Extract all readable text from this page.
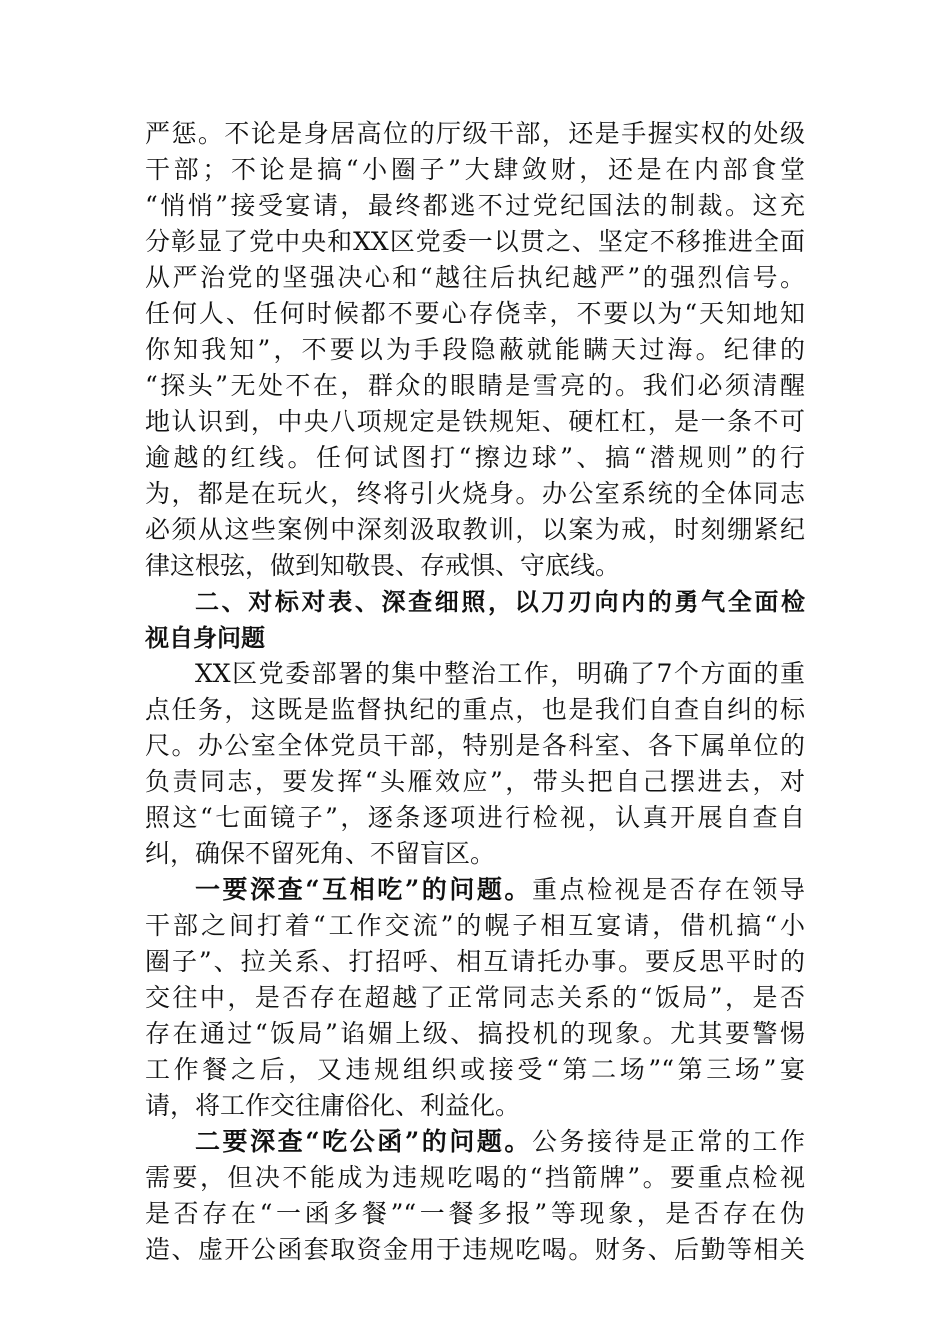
严惩。不论是身居高位的厅级干部，还是手握实权的处级
干部；不论是搞“小圈子”大肆敛财，还是在内部食堂
“悄悄”接受宴请，最终都逃不过党纪国法的制裁。这充
分彰显了党中央和XX区党委一以贯之、坚定不移推进全面
从严治党的坚强决心和“越往后执纪越严”的强烈信号。
任何人、任何时候都不要心存侥幸，不要以为“天知地知
你知我知”，不要以为手段隐蔽就能瞒天过海。纪律的
“探头”无处不在，群众的眼睛是雪亮的。我们必须清醒
地认识到，中央八项规定是铁规矩、硬杠杠，是一条不可
逾越的红线。任何试图打“擦边球”、搞“潜规则”的行
为，都是在玩火，终将引火烧身。办公室系统的全体同志
必须从这些案例中深刻汲取教训，以案为戒，时刻绷紧纪
律这根弦，做到知敬畏、存戒惧、守底线。
二、对标对表、深查细照，以刀刃向内的勇气全面检
视自身问题
XX区党委部署的集中整治工作，明确了7个方面的重
点任务，这既是监督执纪的重点，也是我们自查自纠的标
尺。办公室全体党员干部，特别是各科室、各下属单位的
负责同志，要发挥“头雁效应”，带头把自己摆进去，对
照这“七面镜子”，逐条逐项进行检视，认真开展自查自
纠，确保不留死角、不留盲区。
一要深查“互相吃”的问题。重点检视是否存在领导
干部之间打着“工作交流”的幌子相互宴请，借机搞“小
圈子”、拉关系、打招呼、相互请托办事。要反思平时的
交往中，是否存在超越了正常同志关系的“饭局”，是否
存在通过“饭局”谄媚上级、搞投机的现象。尤其要警惕
工作餐之后，又违规组织或接受“第二场”“第三场”宴
请，将工作交往庸俗化、利益化。
二要深查“吃公函”的问题。公务接待是正常的工作
需要，但决不能成为违规吃喝的“挡箭牌”。要重点检视
是否存在“一函多餐”“一餐多报”等现象，是否存在伪
造、虚开公函套取资金用于违规吃喝。财务、后勤等相关
